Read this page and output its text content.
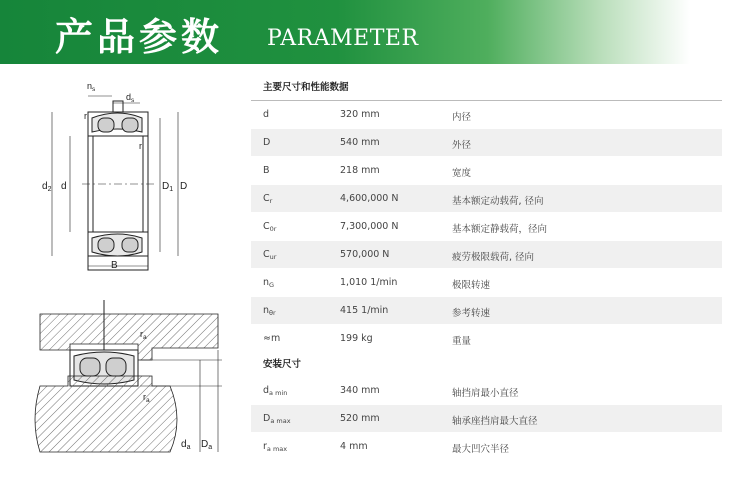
产品参数 PARAMETER
$n_s$
$d_s$
r
r
$d_2$ d	$D_1$ D
B
$r_a$
$r_a$
$d_a$ $D_a$
主要尺寸和性能数据
d	320 mm	内径
D	540 mm	外径
B	218 mm	宽度
$C_r$	4,600,000 N	基本额定动载荷, 径向
$C_{0r}$	7,300,000 N	基本额定静载荷，径向
$C_{ur}$	570,000 N	疲劳极限载荷, 径向
$n_G$	1,010 1/min	极限转速
$n_{\theta r}$	415 1/min	参考转速
≈m	199 kg	重量
安装尺寸
$d_{a min}$	340 mm	轴挡肩最小直径
$D_{a max}$	520 mm	轴承座挡肩最大直径
$r_{a max}$	4 mm	最大凹穴半径
